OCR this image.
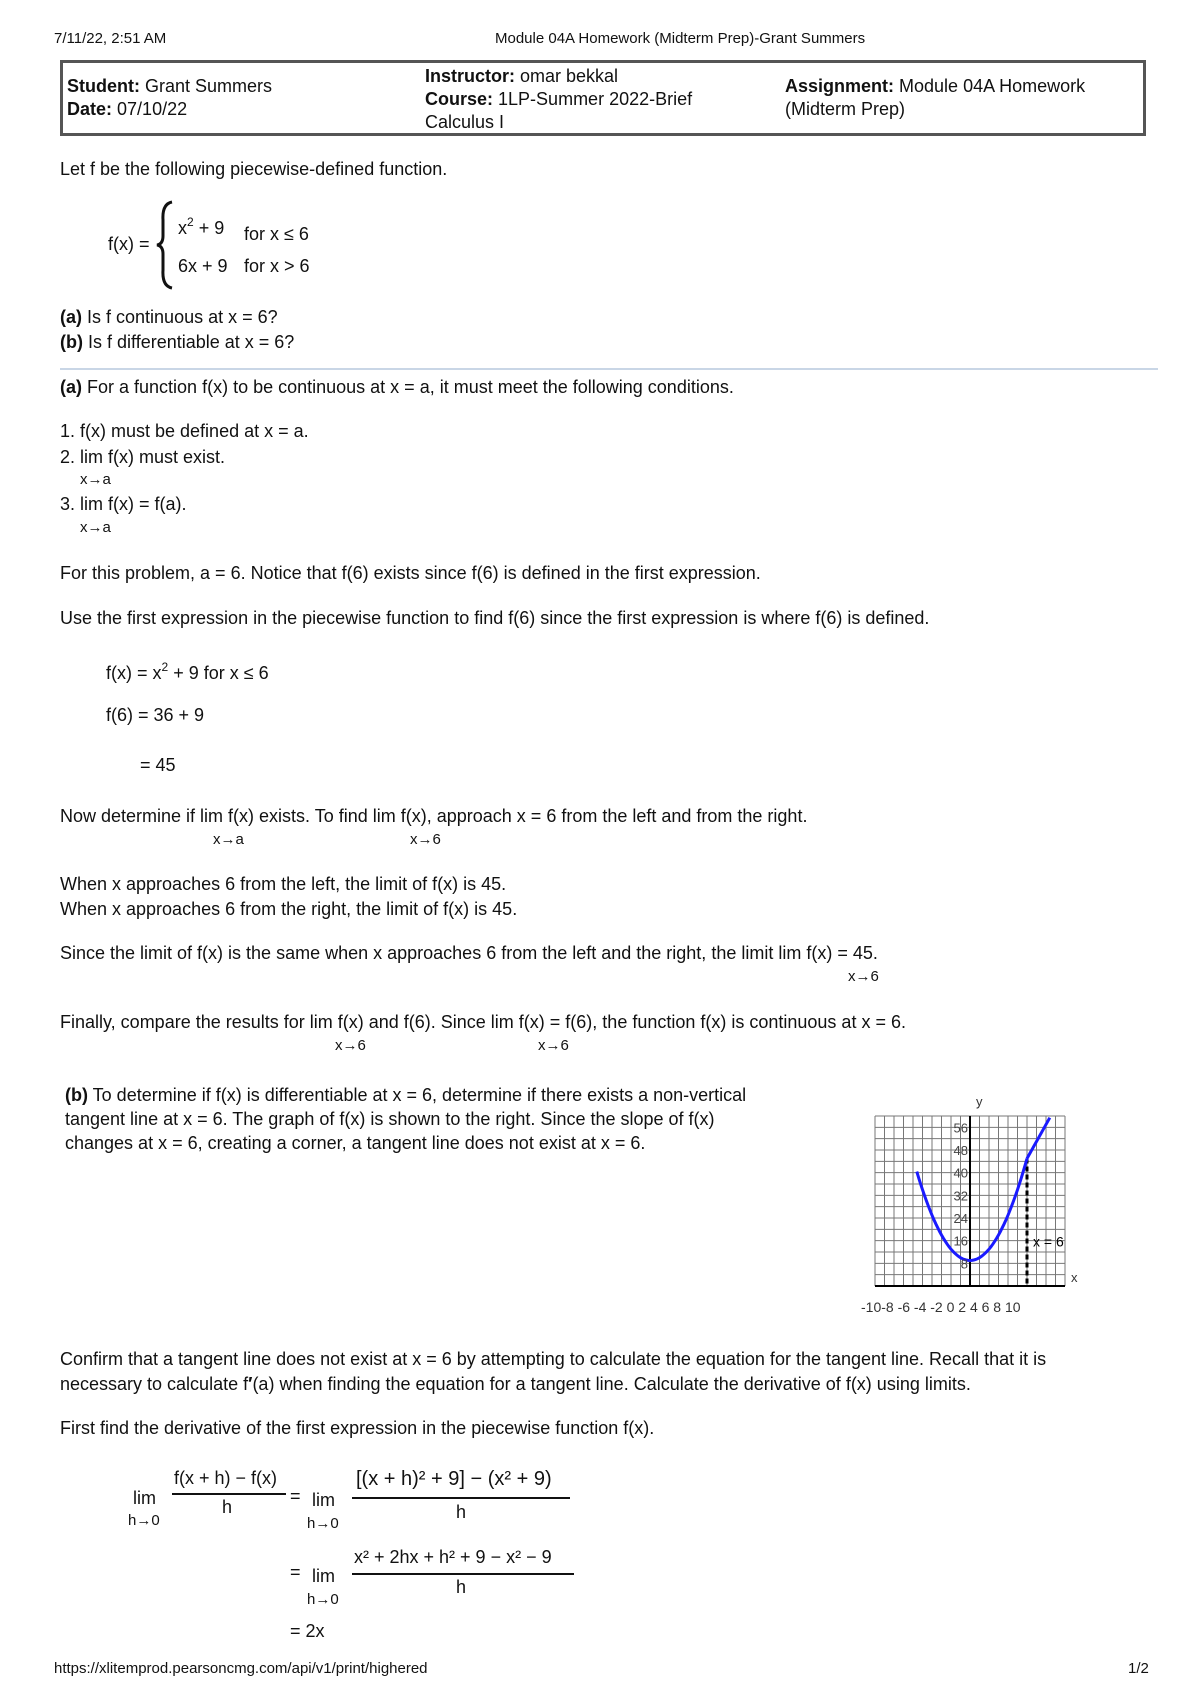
7/11/22, 2:51 AM	Module 04A Homework (Midterm Prep)-Grant Summers
Student: Grant Summers
Date: 07/10/22
Instructor: omar bekkal
Course: 1LP-Summer 2022-Brief
Calculus I
Assignment: Module 04A Homework
(Midterm Prep)
Let f be the following piecewise-defined function.
f(x) =
$x^2 + 9$ for x ≤ 6
6x + 9 for x > 6
(a) Is f continuous at x = 6?
(b) Is f differentiable at x = 6?
(a) For a function f(x) to be continuous at x = a, it must meet the following conditions.
1. f(x) must be defined at x = a.
2. lim f(x) must exist.
x→a
3. lim f(x) = f(a).
x→a
For this problem, a = 6. Notice that f(6) exists since f(6) is defined in the first expression.
Use the first expression in the piecewise function to find f(6) since the first expression is where f(6) is defined.
$f(x) = x^2 + 9$ for x ≤ 6
f(6) = 36 + 9
= 45
Now determine if lim f(x) exists. To find lim f(x), approach x = 6 from the left and from the right.
x→a	x→6
When x approaches 6 from the left, the limit of f(x) is 45.
When x approaches 6 from the right, the limit of f(x) is 45.
Since the limit of f(x) is the same when x approaches 6 from the left and the right, the limit lim f(x) = 45.
x→6
Finally, compare the results for lim f(x) and f(6). Since lim f(x) = f(6), the function f(x) is continuous at x = 6.
x→6	x→6
(b) To determine if f(x) is differentiable at x = 6, determine if there exists a non-vertical
tangent line at x = 6. The graph of f(x) is shown to the right. Since the slope of f(x)
changes at x = 6, creating a corner, a tangent line does not exist at x = 6.
56
48
40
32
24
16
8
y
x
-10-8 -6 -4 -2 0 2 4 6 8 10
x = 6
Confirm that a tangent line does not exist at x = 6 by attempting to calculate the equation for the tangent line. Recall that it is
necessary to calculate f′(a) when finding the equation for a tangent line. Calculate the derivative of f(x) using limits.
First find the derivative of the first expression in the piecewise function f(x).
lim
h→0
f(x + h) − f(x)
h
= lim
h→0
[(x + h)² + 9] − (x² + 9)
h
= lim
h→0
x² + 2hx + h² + 9 − x² − 9
h
= 2x
https://xlitemprod.pearsoncmg.com/api/v1/print/highered	1/2
